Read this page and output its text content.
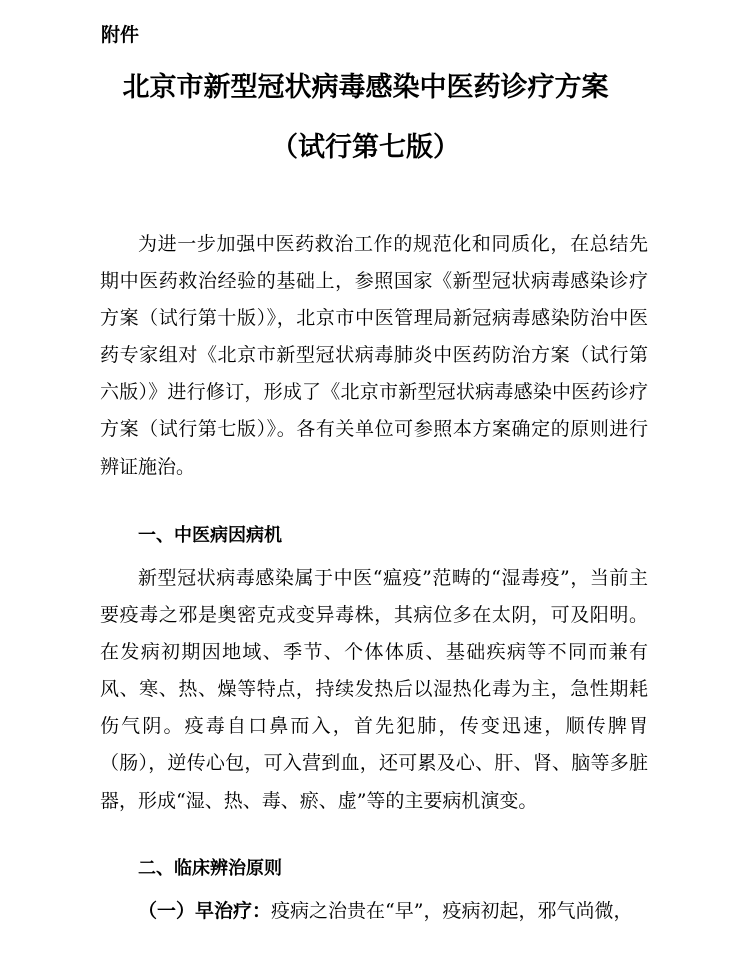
附件

北京市新型冠状病毒感染中医药诊疗方案
（试行第七版）

为进一步加强中医药救治工作的规范化和同质化，在总结先期中医药救治经验的基础上，参照国家《新型冠状病毒感染诊疗方案（试行第十版）》，北京市中医管理局新冠病毒感染防治中医药专家组对《北京市新型冠状病毒肺炎中医药防治方案（试行第六版）》进行修订，形成了《北京市新型冠状病毒感染中医药诊疗方案（试行第七版）》。各有关单位可参照本方案确定的原则进行辨证施治。

一、中医病因病机

新型冠状病毒感染属于中医“瘟疫”范畴的“湿毒疫”，当前主要疫毒之邪是奥密克戎变异毒株，其病位多在太阴，可及阳明。在发病初期因地域、季节、个体体质、基础疾病等不同而兼有风、寒、热、燥等特点，持续发热后以湿热化毒为主，急性期耗伤气阴。疫毒自口鼻而入，首先犯肺，传变迅速，顺传脾胃（肠），逆传心包，可入营到血，还可累及心、肝、肾、脑等多脏器，形成“湿、热、毒、瘀、虚”等的主要病机演变。

二、临床辨治原则

（一）早治疗：疫病之治贵在“早”，疫病初起，邪气尚微，
